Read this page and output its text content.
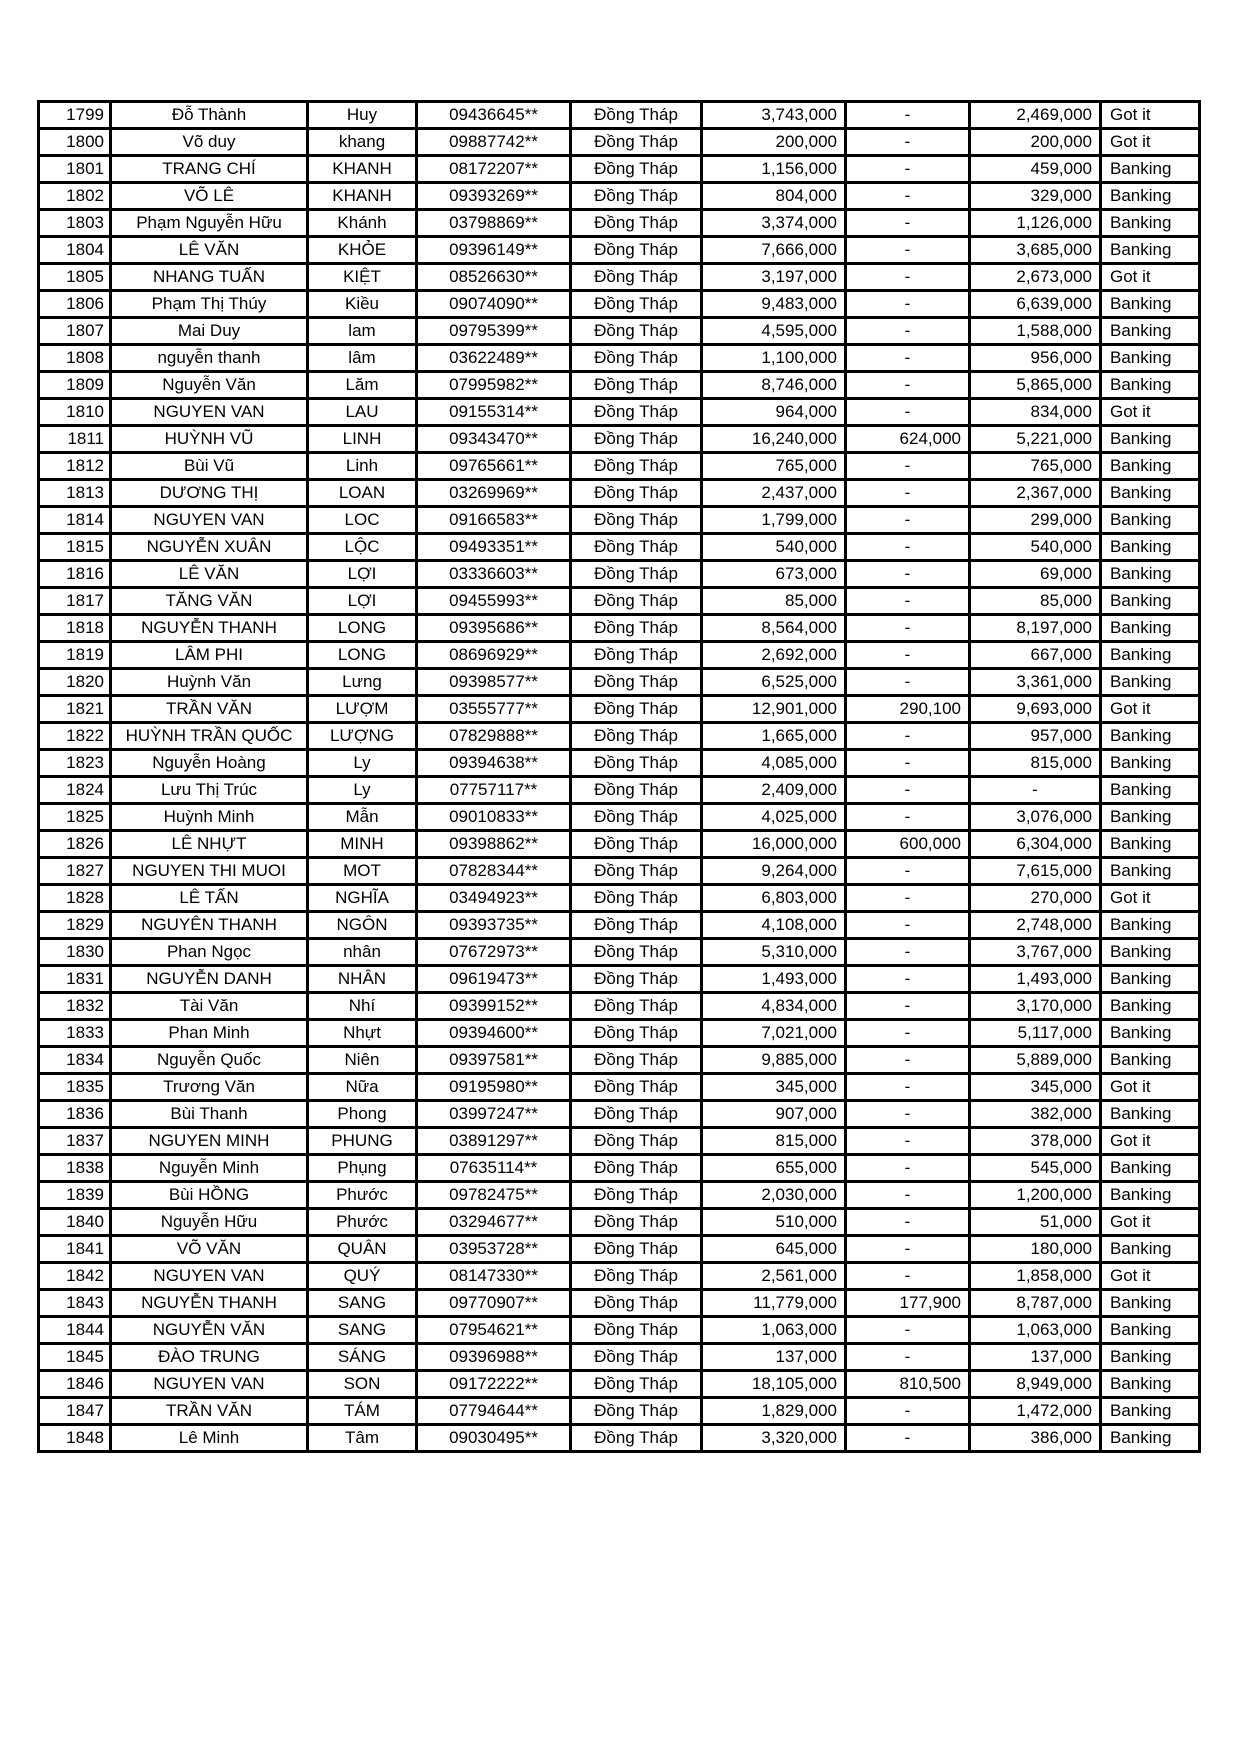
1799	Đỗ Thành	Huy	09436645**	Đồng Tháp	3,743,000	-	2,469,000	Got it
1800	Võ duy	khang	09887742**	Đồng Tháp	200,000	-	200,000	Got it
1801	TRANG CHÍ	KHANH	08172207**	Đồng Tháp	1,156,000	-	459,000	Banking
1802	VÕ LÊ	KHANH	09393269**	Đồng Tháp	804,000	-	329,000	Banking
1803	Phạm Nguyễn Hữu	Khánh	03798869**	Đồng Tháp	3,374,000	-	1,126,000	Banking
1804	LÊ VĂN	KHỎE	09396149**	Đồng Tháp	7,666,000	-	3,685,000	Banking
1805	NHANG TUẤN	KIỆT	08526630**	Đồng Tháp	3,197,000	-	2,673,000	Got it
1806	Phạm Thị Thúy	Kiều	09074090**	Đồng Tháp	9,483,000	-	6,639,000	Banking
1807	Mai Duy	lam	09795399**	Đồng Tháp	4,595,000	-	1,588,000	Banking
1808	nguyễn thanh	lâm	03622489**	Đồng Tháp	1,100,000	-	956,000	Banking
1809	Nguyễn Văn	Lăm	07995982**	Đồng Tháp	8,746,000	-	5,865,000	Banking
1810	NGUYEN VAN	LAU	09155314**	Đồng Tháp	964,000	-	834,000	Got it
1811	HUỲNH VŨ	LINH	09343470**	Đồng Tháp	16,240,000	624,000	5,221,000	Banking
1812	Bùi Vũ	Linh	09765661**	Đồng Tháp	765,000	-	765,000	Banking
1813	DƯƠNG THỊ	LOAN	03269969**	Đồng Tháp	2,437,000	-	2,367,000	Banking
1814	NGUYEN VAN	LOC	09166583**	Đồng Tháp	1,799,000	-	299,000	Banking
1815	NGUYỄN XUÂN	LỘC	09493351**	Đồng Tháp	540,000	-	540,000	Banking
1816	LÊ VĂN	LỢI	03336603**	Đồng Tháp	673,000	-	69,000	Banking
1817	TĂNG VĂN	LỢI	09455993**	Đồng Tháp	85,000	-	85,000	Banking
1818	NGUYỄN THANH	LONG	09395686**	Đồng Tháp	8,564,000	-	8,197,000	Banking
1819	LÂM PHI	LONG	08696929**	Đồng Tháp	2,692,000	-	667,000	Banking
1820	Huỳnh Văn	Lưng	09398577**	Đồng Tháp	6,525,000	-	3,361,000	Banking
1821	TRẦN VĂN	LƯỢM	03555777**	Đồng Tháp	12,901,000	290,100	9,693,000	Got it
1822	HUỲNH TRẦN QUỐC	LƯỢNG	07829888**	Đồng Tháp	1,665,000	-	957,000	Banking
1823	Nguyễn Hoàng	Ly	09394638**	Đồng Tháp	4,085,000	-	815,000	Banking
1824	Lưu Thị Trúc	Ly	07757117**	Đồng Tháp	2,409,000	-	-	Banking
1825	Huỳnh Minh	Mẫn	09010833**	Đồng Tháp	4,025,000	-	3,076,000	Banking
1826	LÊ NHỰT	MINH	09398862**	Đồng Tháp	16,000,000	600,000	6,304,000	Banking
1827	NGUYEN THI MUOI	MOT	07828344**	Đồng Tháp	9,264,000	-	7,615,000	Banking
1828	LÊ TẤN	NGHĨA	03494923**	Đồng Tháp	6,803,000	-	270,000	Got it
1829	NGUYÊN THANH	NGÔN	09393735**	Đồng Tháp	4,108,000	-	2,748,000	Banking
1830	Phan Ngọc	nhân	07672973**	Đồng Tháp	5,310,000	-	3,767,000	Banking
1831	NGUYỄN DANH	NHÂN	09619473**	Đồng Tháp	1,493,000	-	1,493,000	Banking
1832	Tài Văn	Nhí	09399152**	Đồng Tháp	4,834,000	-	3,170,000	Banking
1833	Phan Minh	Nhựt	09394600**	Đồng Tháp	7,021,000	-	5,117,000	Banking
1834	Nguyễn Quốc	Niên	09397581**	Đồng Tháp	9,885,000	-	5,889,000	Banking
1835	Trương Văn	Nữa	09195980**	Đồng Tháp	345,000	-	345,000	Got it
1836	Bùi Thanh	Phong	03997247**	Đồng Tháp	907,000	-	382,000	Banking
1837	NGUYEN MINH	PHUNG	03891297**	Đồng Tháp	815,000	-	378,000	Got it
1838	Nguyễn Minh	Phụng	07635114**	Đồng Tháp	655,000	-	545,000	Banking
1839	Bùi HỒNG	Phước	09782475**	Đồng Tháp	2,030,000	-	1,200,000	Banking
1840	Nguyễn Hữu	Phước	03294677**	Đồng Tháp	510,000	-	51,000	Got it
1841	VÕ VĂN	QUÂN	03953728**	Đồng Tháp	645,000	-	180,000	Banking
1842	NGUYEN VAN	QUÝ	08147330**	Đồng Tháp	2,561,000	-	1,858,000	Got it
1843	NGUYỄN THANH	SANG	09770907**	Đồng Tháp	11,779,000	177,900	8,787,000	Banking
1844	NGUYỄN VĂN	SANG	07954621**	Đồng Tháp	1,063,000	-	1,063,000	Banking
1845	ĐÀO TRUNG	SÁNG	09396988**	Đồng Tháp	137,000	-	137,000	Banking
1846	NGUYEN VAN	SON	09172222**	Đồng Tháp	18,105,000	810,500	8,949,000	Banking
1847	TRẦN VĂN	TÁM	07794644**	Đồng Tháp	1,829,000	-	1,472,000	Banking
1848	Lê Minh	Tâm	09030495**	Đồng Tháp	3,320,000	-	386,000	Banking
